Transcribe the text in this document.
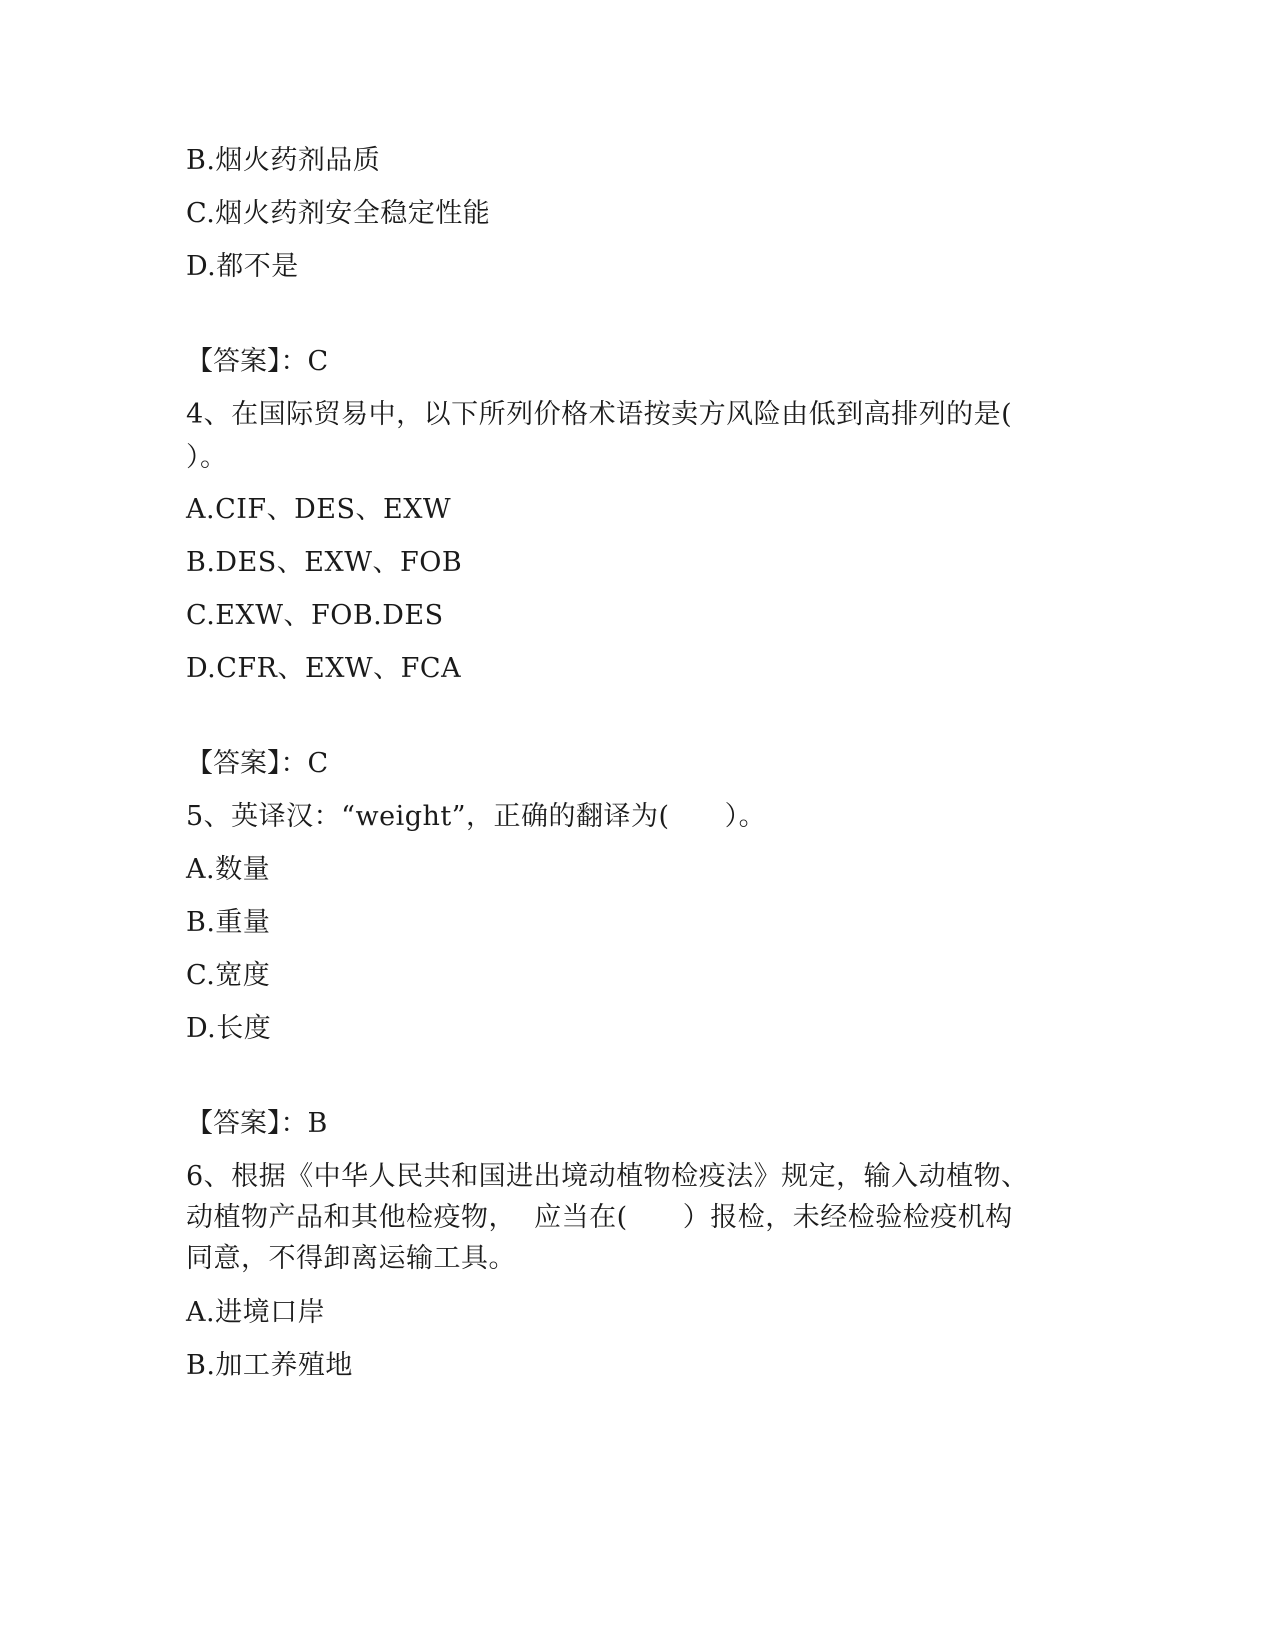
B.烟火药剂品质
C.烟火药剂安全稳定性能
D.都不是
【答案】：C
4、在国际贸易中，以下所列价格术语按卖方风险由低到高排列的是(
）。
A.CIF、DES、EXW
B.DES、EXW、FOB
C.EXW、FOB.DES
D.CFR、EXW、FCA
【答案】：C
5、英译汉：“weight”，正确的翻译为(　　）。
A.数量
B.重量
C.宽度
D.长度
【答案】：B
6、根据《中华人民共和国进出境动植物检疫法》规定，输入动植物、
动植物产品和其他检疫物，  应当在(　　）报检，未经检验检疫机构
同意，不得卸离运输工具。
A.进境口岸
B.加工养殖地
